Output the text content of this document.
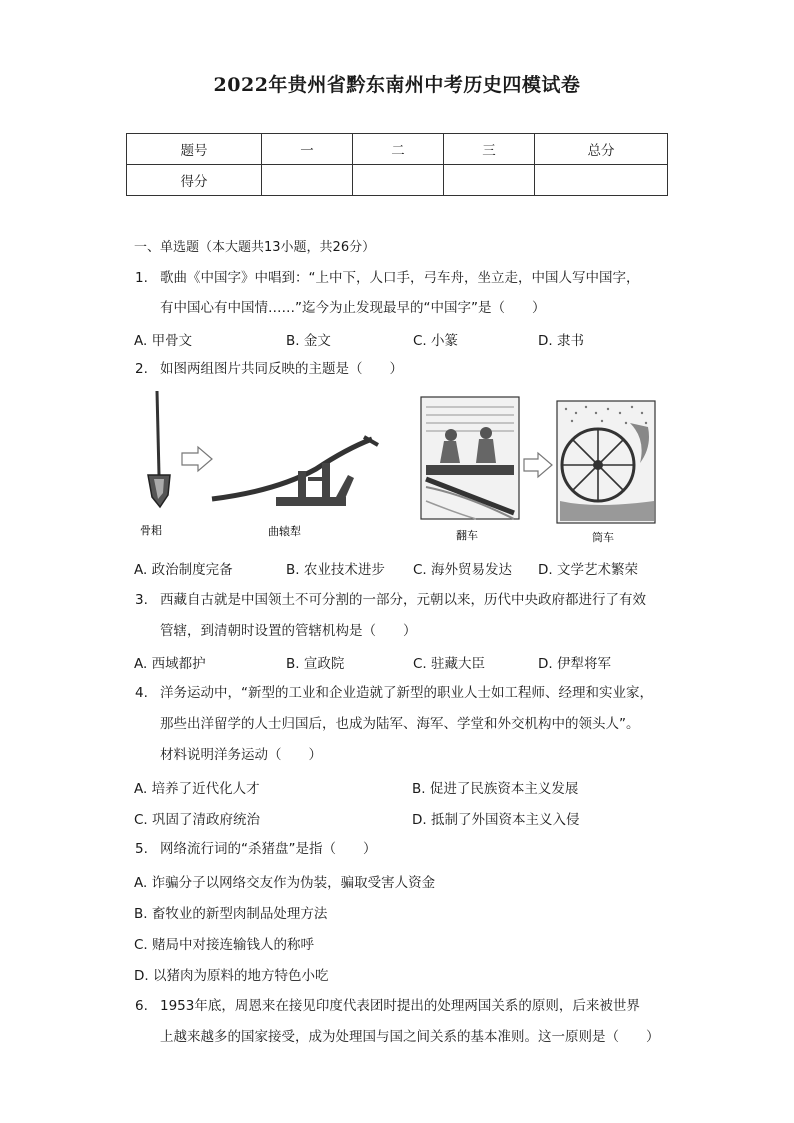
2022年贵州省黔东南州中考历史四模试卷
题号	一	二	三	总分
得分				
一、单选题（本大题共13小题，共26分）
1. 歌曲《中国字》中唱到：“上中下，人口手，弓车舟，坐立走，中国人写中国字，
有中国心有中国情……”迄今为止发现最早的“中国字”是（　　）
A. 甲骨文	B. 金文	C. 小篆	D. 隶书
2. 如图两组图片共同反映的主题是（　　）
骨耜	曲辕犁	翻车	筒车
A. 政治制度完备	B. 农业技术进步 C. 海外贸易发达 D. 文学艺术繁荣
3. 西藏自古就是中国领土不可分割的一部分，元朝以来，历代中央政府都进行了有效
管辖，到清朝时设置的管辖机构是（　　）
A. 西域都护	B. 宣政院	C. 驻藏大臣	D. 伊犁将军
4. 洋务运动中，“新型的工业和企业造就了新型的职业人士如工程师、经理和实业家，
那些出洋留学的人士归国后，也成为陆军、海军、学堂和外交机构中的领头人”。
材料说明洋务运动（　　）
A. 培养了近代化人才	B. 促进了民族资本主义发展
C. 巩固了清政府统治	D. 抵制了外国资本主义入侵
5. 网络流行词的“杀猪盘”是指（　　）
A. 诈骗分子以网络交友作为伪装，骗取受害人资金
B. 畜牧业的新型肉制品处理方法
C. 赌局中对接连输钱人的称呼
D. 以猪肉为原料的地方特色小吃
6. 1953年底，周恩来在接见印度代表团时提出的处理两国关系的原则，后来被世界
上越来越多的国家接受，成为处理国与国之间关系的基本准则。这一原则是（　　）
